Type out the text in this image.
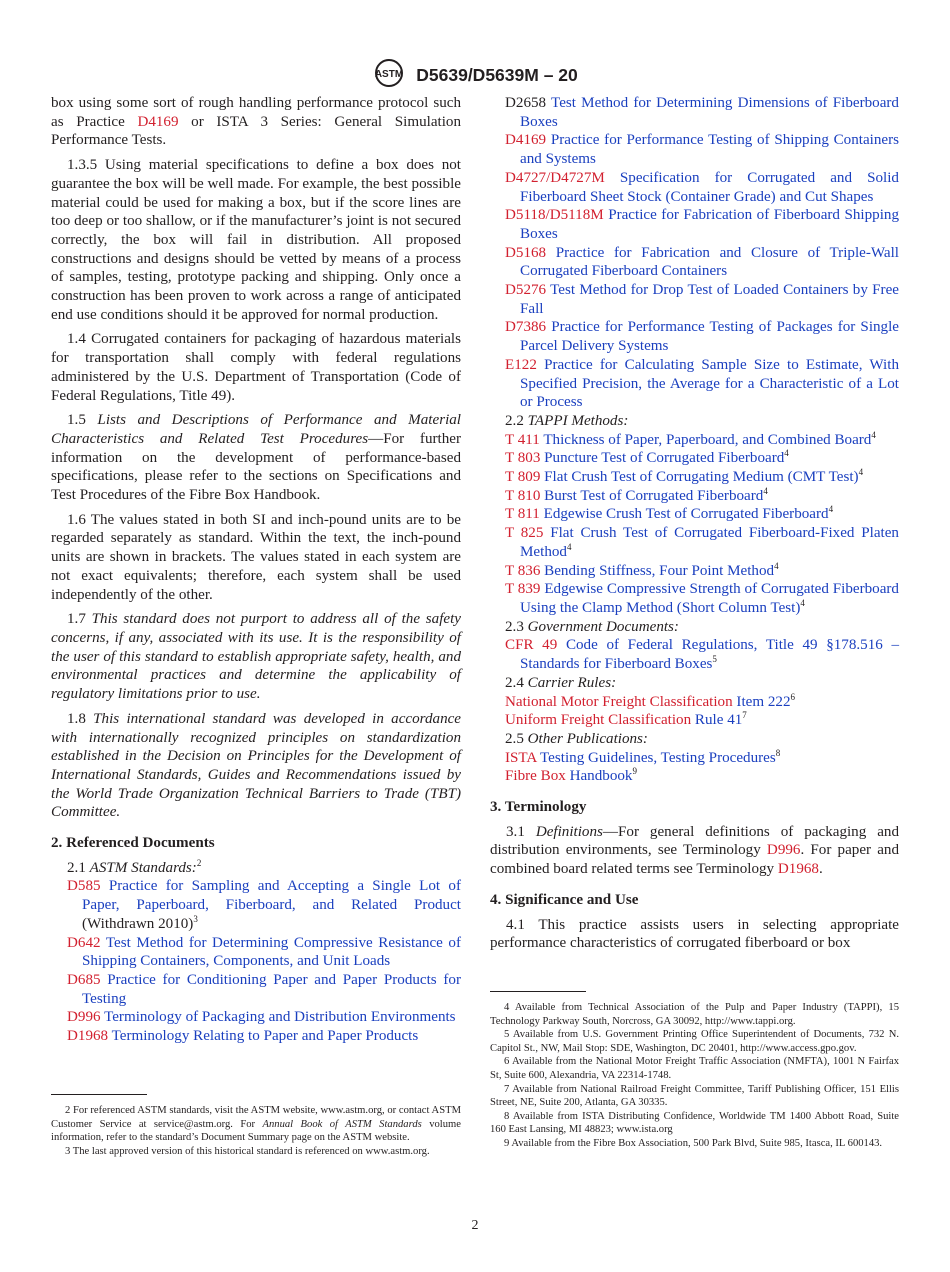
ASTM D5639/D5639M – 20

box using some sort of rough handling performance protocol such as Practice D4169 or ISTA 3 Series: General Simulation Performance Tests.

1.3.5 Using material specifications to define a box does not guarantee the box will be well made. For example, the best possible material could be used for making a box, but if the score lines are too deep or too shallow, or if the manufacturer’s joint is not secured correctly, the box will fail in distribution. All proposed constructions and designs should be vetted by means of a process of samples, testing, prototype packing and shipping. Only once a construction has been proven to work across a range of anticipated end use conditions should it be approved for normal production.

1.4 Corrugated containers for packaging of hazardous materials for transportation shall comply with federal regulations administered by the U.S. Department of Transportation (Code of Federal Regulations, Title 49).

1.5 Lists and Descriptions of Performance and Material Characteristics and Related Test Procedures—For further information on the development of performance-based specifications, please refer to the sections on Specifications and Test Procedures of the Fibre Box Handbook.

1.6 The values stated in both SI and inch-pound units are to be regarded separately as standard. Within the text, the inch-pound units are shown in brackets. The values stated in each system are not exact equivalents; therefore, each system shall be used independently of the other.

1.7 This standard does not purport to address all of the safety concerns, if any, associated with its use. It is the responsibility of the user of this standard to establish appropriate safety, health, and environmental practices and determine the applicability of regulatory limitations prior to use.

1.8 This international standard was developed in accordance with internationally recognized principles on standardization established in the Decision on Principles for the Development of International Standards, Guides and Recommendations issued by the World Trade Organization Technical Barriers to Trade (TBT) Committee.

2. Referenced Documents

2.1 ASTM Standards:$^2$

D585 Practice for Sampling and Accepting a Single Lot of Paper, Paperboard, Fiberboard, and Related Product (Withdrawn 2010)$^3$

D642 Test Method for Determining Compressive Resistance of Shipping Containers, Components, and Unit Loads

D685 Practice for Conditioning Paper and Paper Products for Testing

D996 Terminology of Packaging and Distribution Environments

D1968 Terminology Relating to Paper and Paper Products

D2658 Test Method for Determining Dimensions of Fiberboard Boxes

D4169 Practice for Performance Testing of Shipping Containers and Systems

D4727/D4727M Specification for Corrugated and Solid Fiberboard Sheet Stock (Container Grade) and Cut Shapes

D5118/D5118M Practice for Fabrication of Fiberboard Shipping Boxes

D5168 Practice for Fabrication and Closure of Triple-Wall Corrugated Fiberboard Containers

D5276 Test Method for Drop Test of Loaded Containers by Free Fall

D7386 Practice for Performance Testing of Packages for Single Parcel Delivery Systems

E122 Practice for Calculating Sample Size to Estimate, With Specified Precision, the Average for a Characteristic of a Lot or Process

2.2 TAPPI Methods:

T 411 Thickness of Paper, Paperboard, and Combined Board$^4$

T 803 Puncture Test of Corrugated Fiberboard$^4$

T 809 Flat Crush Test of Corrugating Medium (CMT Test)$^4$

T 810 Burst Test of Corrugated Fiberboard$^4$

T 811 Edgewise Crush Test of Corrugated Fiberboard$^4$

T 825 Flat Crush Test of Corrugated Fiberboard-Fixed Platen Method$^4$

T 836 Bending Stiffness, Four Point Method$^4$

T 839 Edgewise Compressive Strength of Corrugated Fiberboard Using the Clamp Method (Short Column Test)$^4$

2.3 Government Documents:

CFR 49 Code of Federal Regulations, Title 49 §178.516 – Standards for Fiberboard Boxes$^5$

2.4 Carrier Rules:

National Motor Freight Classification Item $222^6$

Uniform Freight Classification Rule $41^7$

2.5 Other Publications:

ISTA Testing Guidelines, Testing Procedures$^8$

Fibre Box Handbook$^9$

3. Terminology

3.1 Definitions—For general definitions of packaging and distribution environments, see Terminology D996. For paper and combined board related terms see Terminology D1968.

4. Significance and Use

4.1 This practice assists users in selecting appropriate performance characteristics of corrugated fiberboard or box

2 For referenced ASTM standards, visit the ASTM website, www.astm.org, or contact ASTM Customer Service at service@astm.org. For Annual Book of ASTM Standards volume information, refer to the standard’s Document Summary page on the ASTM website.

3 The last approved version of this historical standard is referenced on www.astm.org.

4 Available from Technical Association of the Pulp and Paper Industry (TAPPI), 15 Technology Parkway South, Norcross, GA 30092, http://www.tappi.org.

5 Available from U.S. Government Printing Office Superintendent of Documents, 732 N. Capitol St., NW, Mail Stop: SDE, Washington, DC 20401, http://www.access.gpo.gov.

6 Available from the National Motor Freight Traffic Association (NMFTA), 1001 N Fairfax St, Suite 600, Alexandria, VA 22314-1748.

7 Available from National Railroad Freight Committee, Tariff Publishing Officer, 151 Ellis Street, NE, Suite 200, Atlanta, GA 30335.

8 Available from ISTA Distributing Confidence, Worldwide TM 1400 Abbott Road, Suite 160 East Lansing, MI 48823; www.ista.org

9 Available from the Fibre Box Association, 500 Park Blvd, Suite 985, Itasca, IL 600143.

2
